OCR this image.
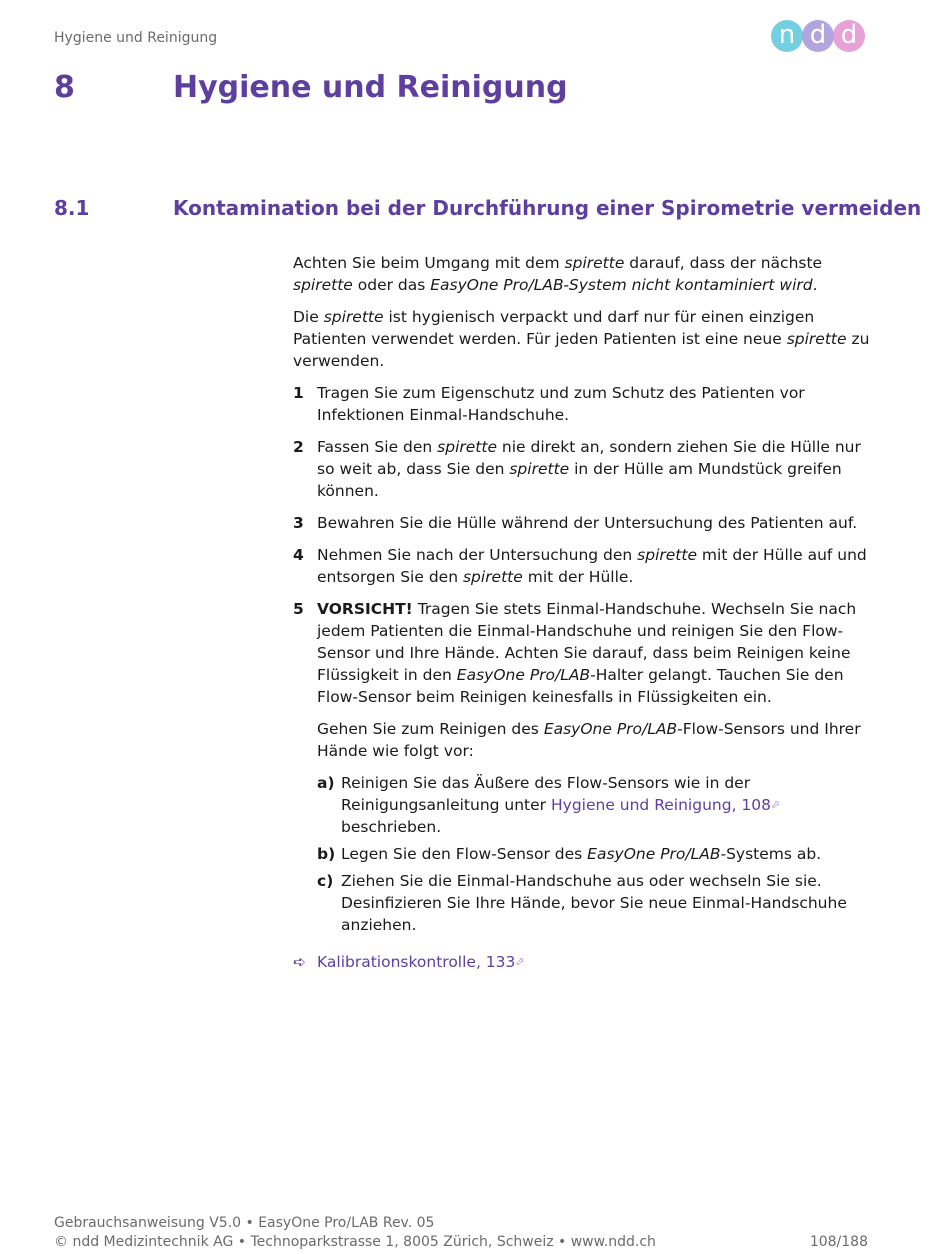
Hygiene und Reinigung	n d d
8	Hygiene und Reinigung
8.1	Kontamination bei der Durchführung einer Spirometrie vermeiden

Achten Sie beim Umgang mit dem spirette darauf, dass der nächste spirette oder das EasyOne Pro/LAB-System nicht kontaminiert wird.

Die spirette ist hygienisch verpackt und darf nur für einen einzigen Patienten verwendet werden. Für jeden Patienten ist eine neue spirette zu verwenden.

1 Tragen Sie zum Eigenschutz und zum Schutz des Patienten vor Infektionen Einmal-Handschuhe.
2 Fassen Sie den spirette nie direkt an, sondern ziehen Sie die Hülle nur so weit ab, dass Sie den spirette in der Hülle am Mundstück greifen können.
3 Bewahren Sie die Hülle während der Untersuchung des Patienten auf.
4 Nehmen Sie nach der Untersuchung den spirette mit der Hülle auf und entsorgen Sie den spirette mit der Hülle.
5 VORSICHT! Tragen Sie stets Einmal-Handschuhe. Wechseln Sie nach jedem Patienten die Einmal-Handschuhe und reinigen Sie den Flow-Sensor und Ihre Hände. Achten Sie darauf, dass beim Reinigen keine Flüssigkeit in den EasyOne Pro/LAB-Halter gelangt. Tauchen Sie den Flow-Sensor beim Reinigen keinesfalls in Flüssigkeiten ein.

Gehen Sie zum Reinigen des EasyOne Pro/LAB-Flow-Sensors und Ihrer Hände wie folgt vor:

a) Reinigen Sie das Äußere des Flow-Sensors wie in der Reinigungsanleitung unter Hygiene und Reinigung, 108⬀ beschrieben.
b) Legen Sie den Flow-Sensor des EasyOne Pro/LAB-Systems ab.
c) Ziehen Sie die Einmal-Handschuhe aus oder wechseln Sie sie. Desinfizieren Sie Ihre Hände, bevor Sie neue Einmal-Handschuhe anziehen.
➪ Kalibrationskontrolle, 133⬀
Gebrauchsanweisung V5.0 • EasyOne Pro/LAB Rev. 05
© ndd Medizintechnik AG • Technoparkstrasse 1, 8005 Zürich, Schweiz • www.ndd.ch	108/188
